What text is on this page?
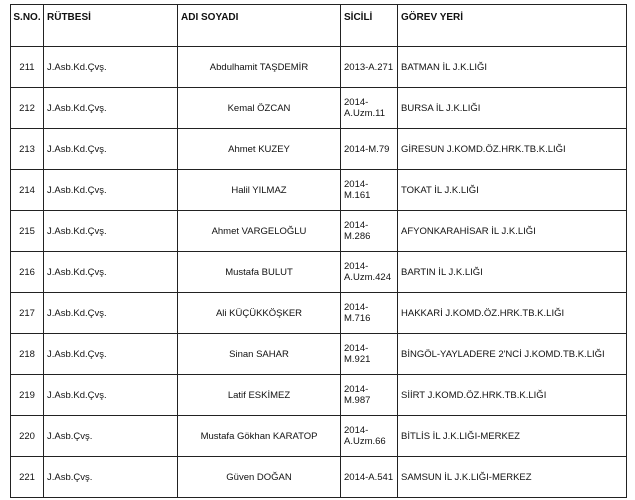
S.NO.	RÜTBESİ	ADI SOYADI	SİCİLİ	GÖREV YERİ
211	J.Asb.Kd.Çvş.	Abdulhamit TAŞDEMİR	2013-A.271	BATMAN İL J.K.LIĞI
212	J.Asb.Kd.Çvş.	Kemal ÖZCAN	2014-A.Uzm.11	BURSA İL J.K.LIĞI
213	J.Asb.Kd.Çvş.	Ahmet KUZEY	2014-M.79	GİRESUN J.KOMD.ÖZ.HRK.TB.K.LIĞI
214	J.Asb.Kd.Çvş.	Halil YILMAZ	2014-M.161	TOKAT İL J.K.LIĞI
215	J.Asb.Kd.Çvş.	Ahmet VARGELOĞLU	2014-M.286	AFYONKARAHİSAR İL J.K.LIĞI
216	J.Asb.Kd.Çvş.	Mustafa BULUT	2014-A.Uzm.424	BARTIN İL J.K.LIĞI
217	J.Asb.Kd.Çvş.	Ali KÜÇÜKKÖŞKER	2014-M.716	HAKKARİ J.KOMD.ÖZ.HRK.TB.K.LIĞI
218	J.Asb.Kd.Çvş.	Sinan SAHAR	2014-M.921	BİNGÖL-YAYLADERE 2'NCİ J.KOMD.TB.K.LIĞI
219	J.Asb.Kd.Çvş.	Latif ESKİMEZ	2014-M.987	SİİRT J.KOMD.ÖZ.HRK.TB.K.LIĞI
220	J.Asb.Çvş.	Mustafa Gökhan KARATOP	2014-A.Uzm.66	BİTLİS İL J.K.LIĞI-MERKEZ
221	J.Asb.Çvş.	Güven DOĞAN	2014-A.541	SAMSUN İL J.K.LIĞI-MERKEZ
